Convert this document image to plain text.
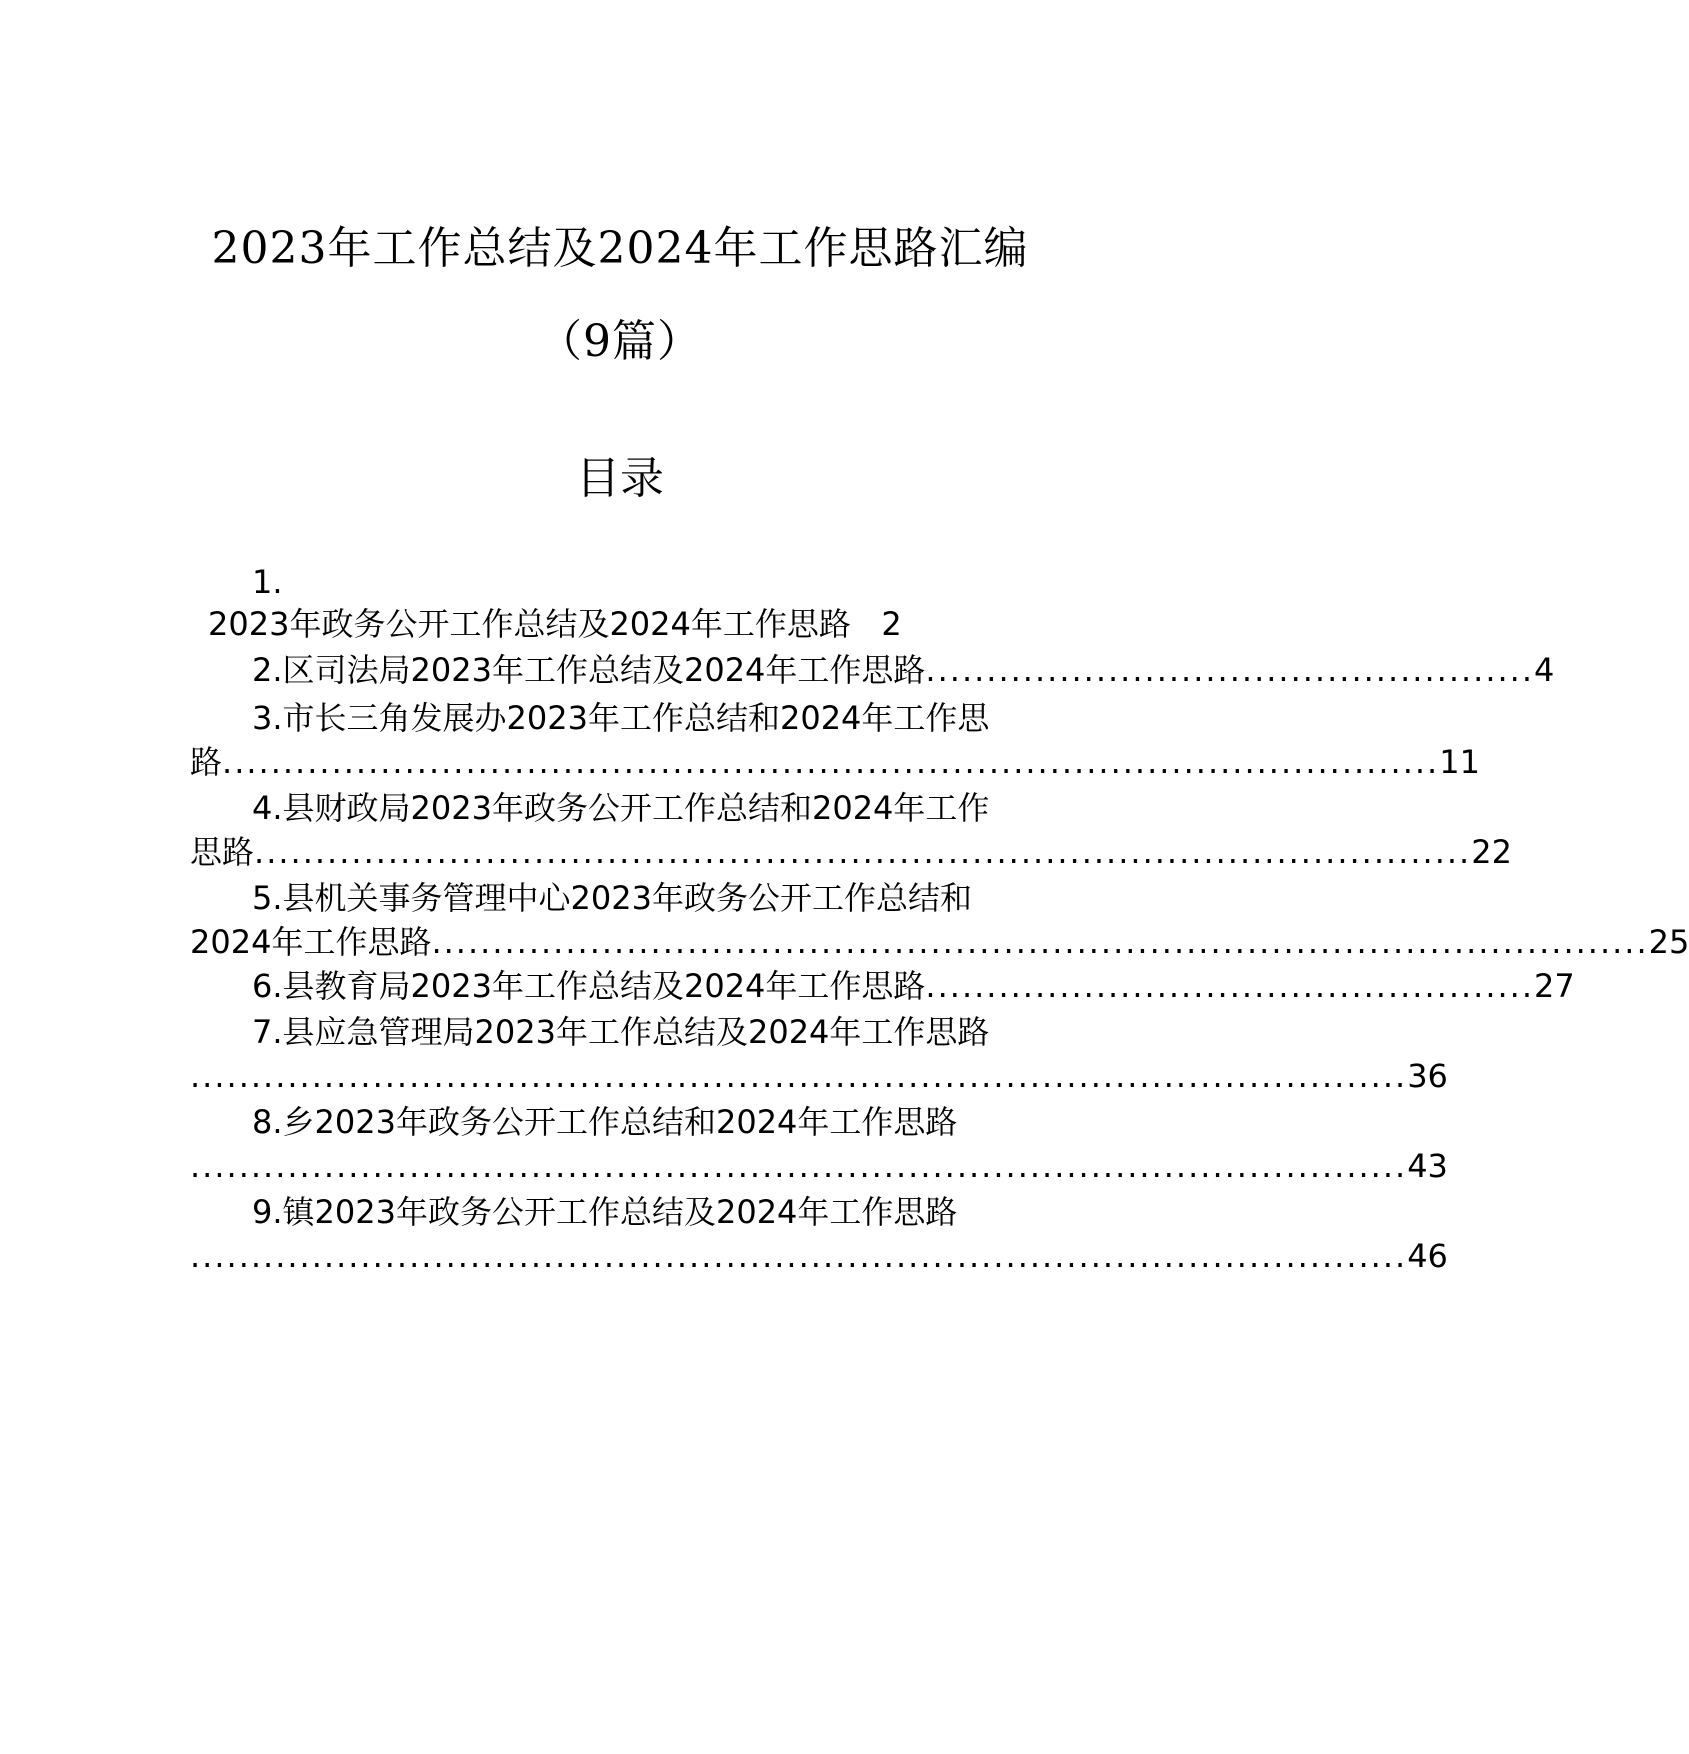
2023年工作总结及2024年工作思路汇编
（9篇）
目录
1.
2023年政务公开工作总结及2024年工作思路 2
2.区司法局2023年工作总结及2024年工作思路 .................................................. 4
3.市长三角发展办2023年工作总结和2024年工作思
路 .................................................................................................... 11
4.县财政局2023年政务公开工作总结和2024年工作
思路 .................................................................................................... 22
5.县机关事务管理中心2023年政务公开工作总结和
2024年工作思路 .................................................................................................... 25
6.县教育局2023年工作总结及2024年工作思路 .................................................. 27
7.县应急管理局2023年工作总结及2024年工作思路
.................................................................................................... 36
8.乡2023年政务公开工作总结和2024年工作思路
.................................................................................................... 43
9.镇2023年政务公开工作总结及2024年工作思路
.................................................................................................... 46
